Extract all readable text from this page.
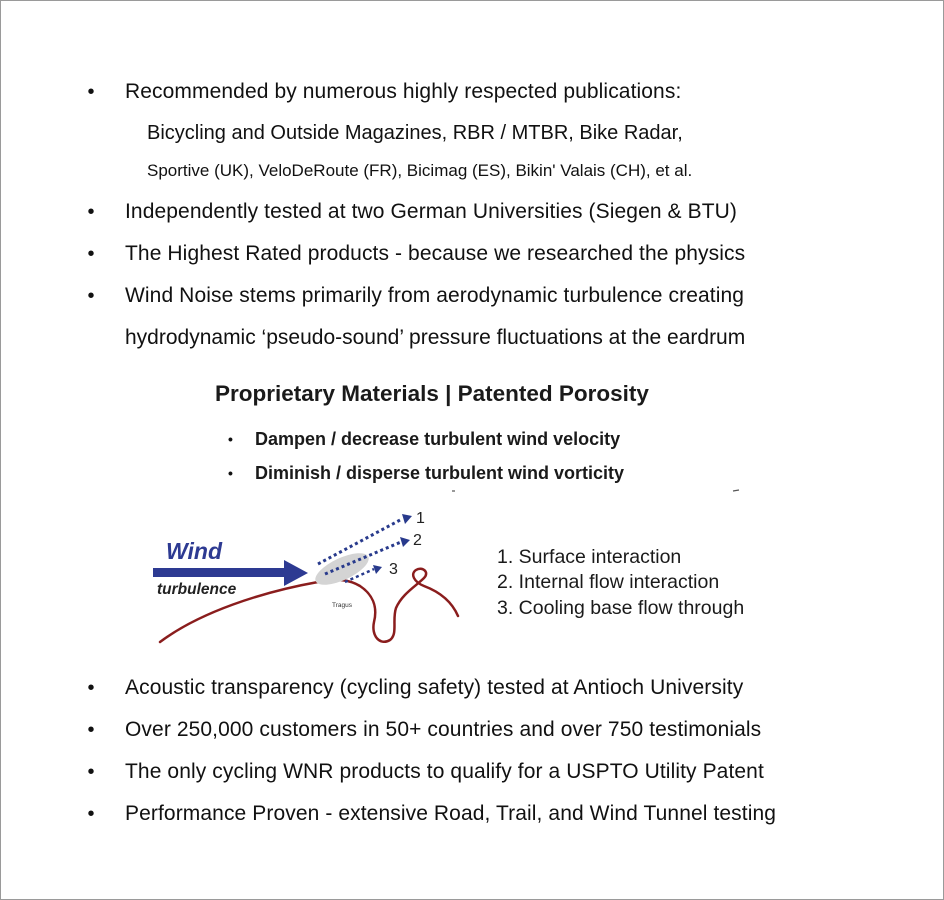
• Recommended by numerous highly respected publications:
Bicycling and Outside Magazines, RBR / MTBR, Bike Radar,
Sportive (UK), VeloDeRoute (FR), Bicimag (ES), Bikin' Valais (CH), et al.
• Independently tested at two German Universities (Siegen & BTU)
• The Highest Rated products - because we researched the physics
• Wind Noise stems primarily from aerodynamic turbulence creating
hydrodynamic ‘pseudo-sound’ pressure fluctuations at the eardrum
Proprietary Materials | Patented Porosity
• Dampen / decrease turbulent wind velocity
• Diminish / disperse turbulent wind vorticity
Wind
turbulence
Tragus
1
2
3
1. Surface interaction
2. Internal flow interaction
3. Cooling base flow through
• Acoustic transparency (cycling safety) tested at Antioch University
• Over 250,000 customers in 50+ countries and over 750 testimonials
• The only cycling WNR products to qualify for a USPTO Utility Patent
• Performance Proven - extensive Road, Trail, and Wind Tunnel testing
